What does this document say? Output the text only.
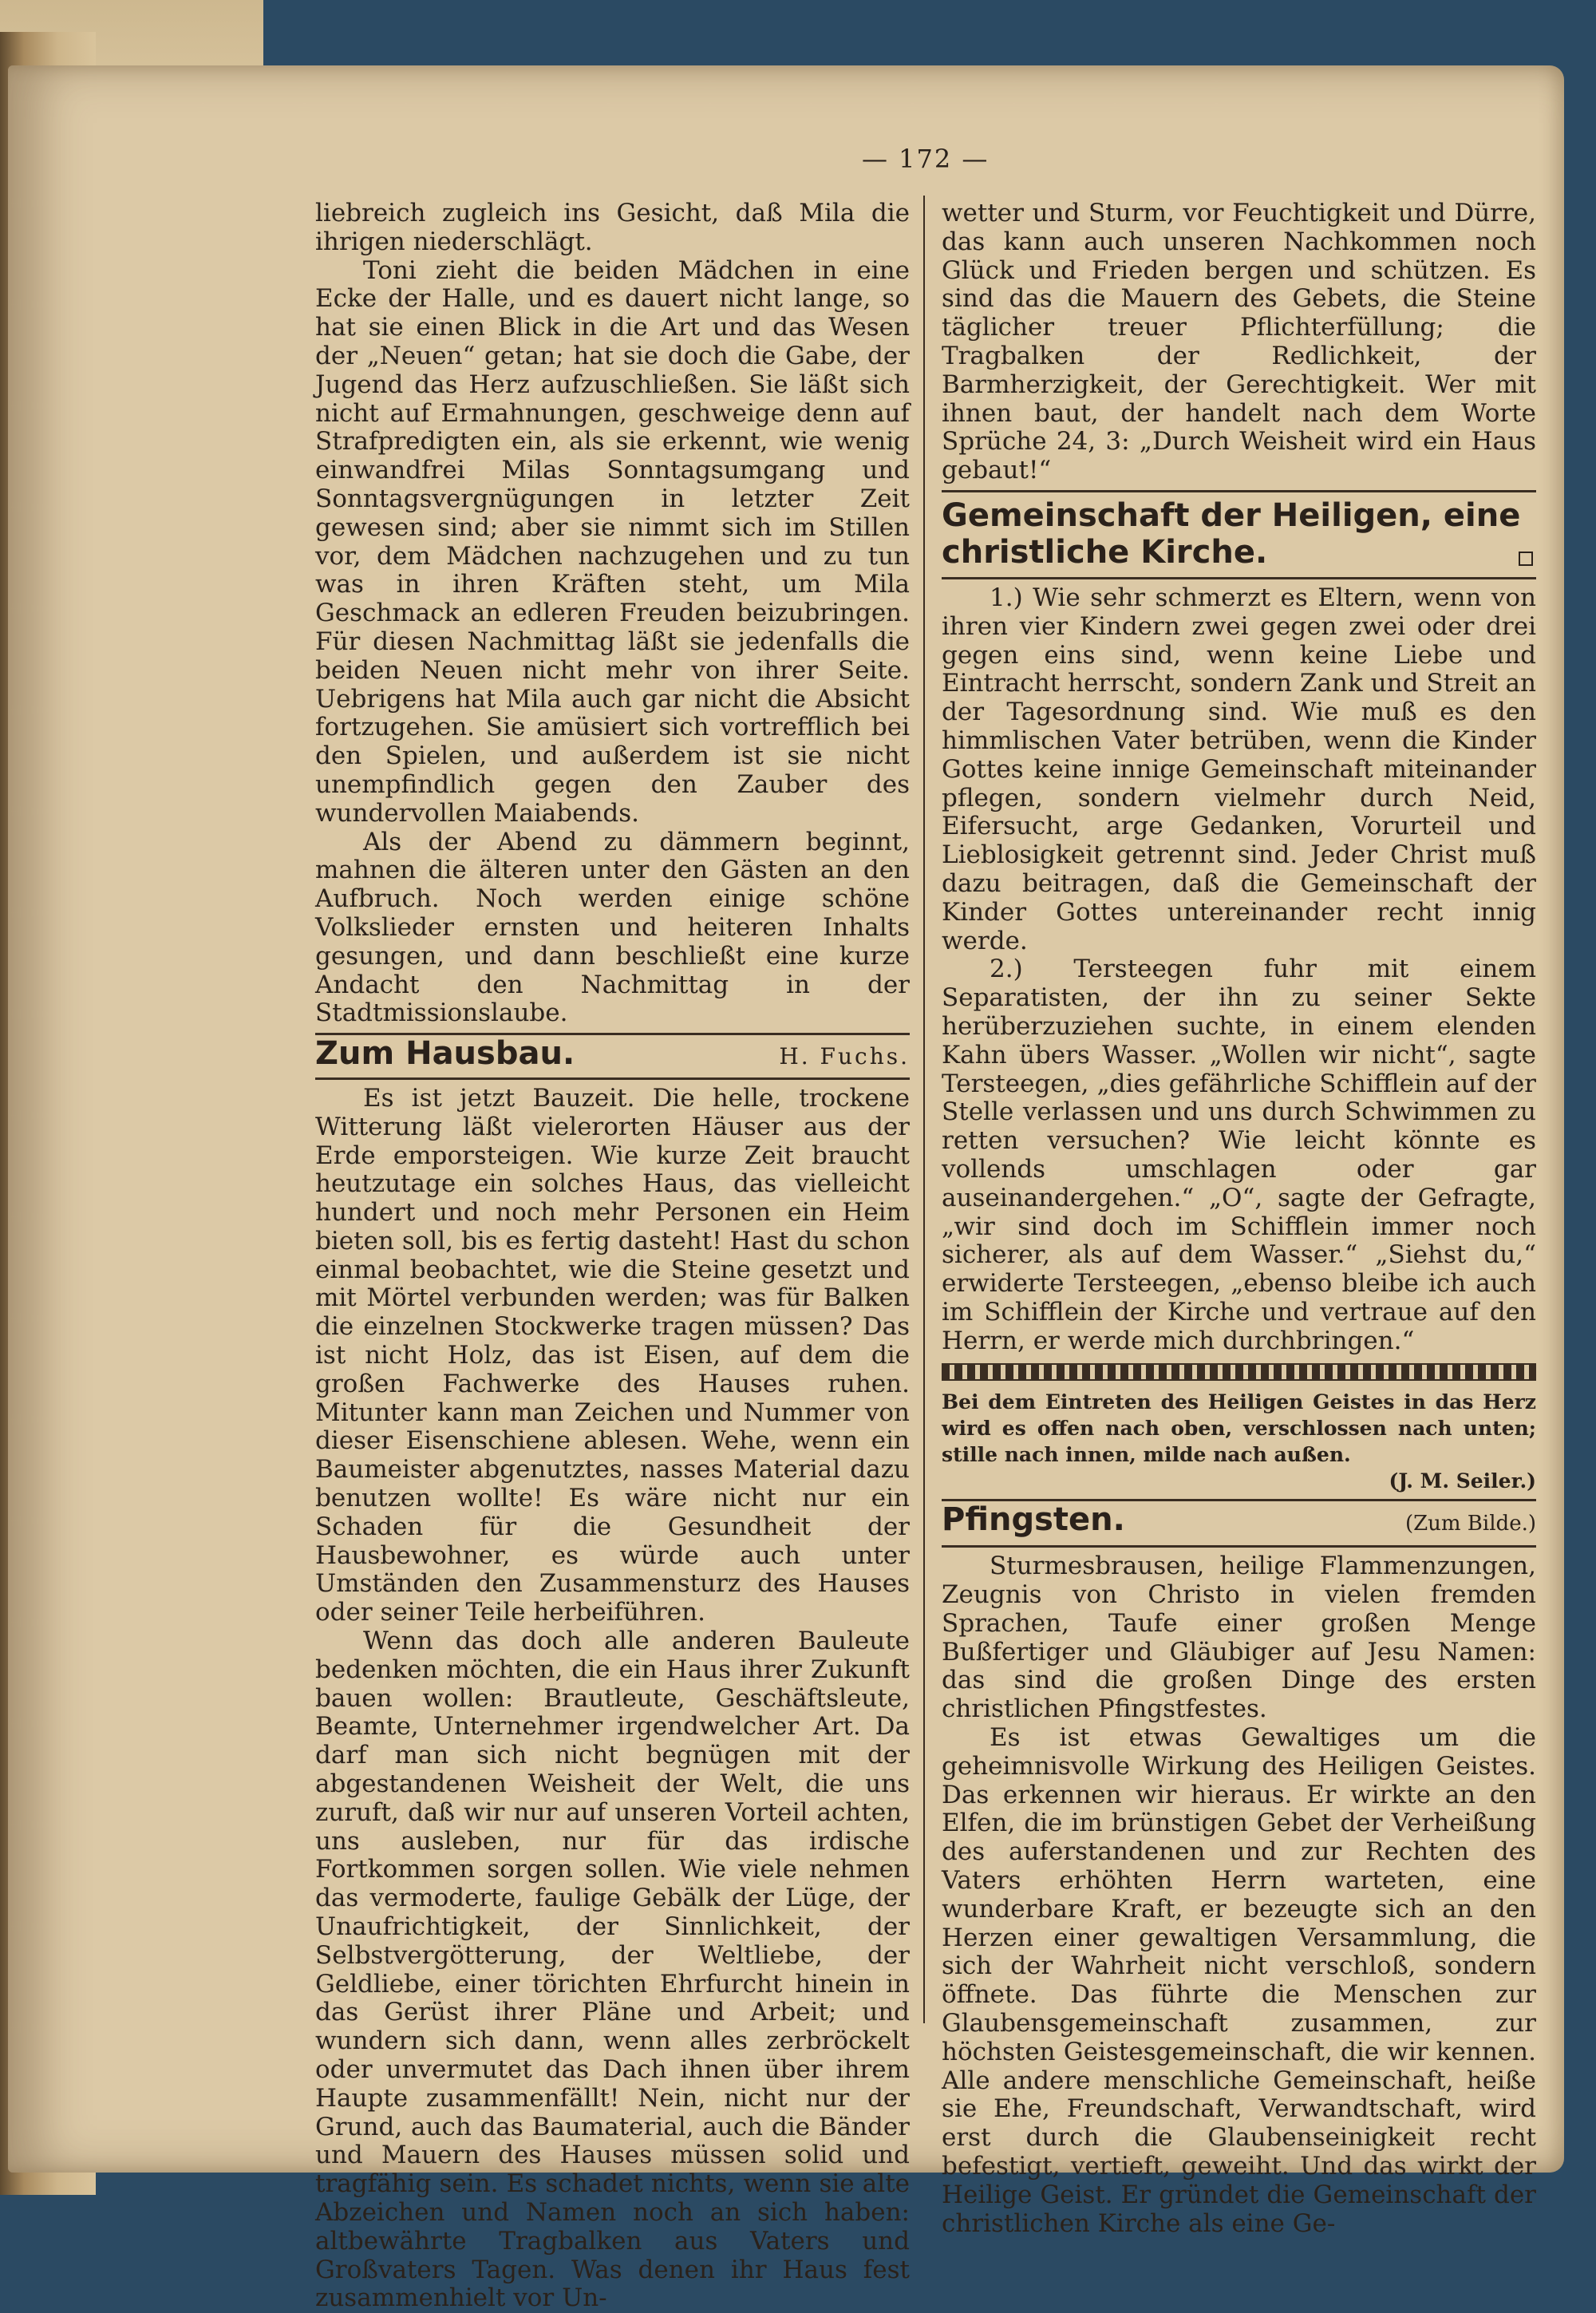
— 172 —

liebreich zugleich ins Gesicht, daß Mila die ihrigen niederschlägt.

Toni zieht die beiden Mädchen in eine Ecke der Halle, und es dauert nicht lange, so hat sie einen Blick in die Art und das Wesen der „Neuen“ getan; hat sie doch die Gabe, der Jugend das Herz aufzuschließen. Sie läßt sich nicht auf Ermahnungen, geschweige denn auf Strafpredigten ein, als sie erkennt, wie wenig einwandfrei Milas Sonntagsumgang und Sonntagsvergnügungen in letzter Zeit gewesen sind; aber sie nimmt sich im Stillen vor, dem Mädchen nachzugehen und zu tun was in ihren Kräften steht, um Mila Geschmack an edleren Freuden beizubringen. Für diesen Nachmittag läßt sie jedenfalls die beiden Neuen nicht mehr von ihrer Seite. Uebrigens hat Mila auch gar nicht die Absicht fortzugehen. Sie amüsiert sich vortrefflich bei den Spielen, und außerdem ist sie nicht unempfindlich gegen den Zauber des wundervollen Maiabends.

Als der Abend zu dämmern beginnt, mahnen die älteren unter den Gästen an den Aufbruch. Noch werden einige schöne Volkslieder ernsten und heiteren Inhalts gesungen, und dann beschließt eine kurze Andacht den Nachmittag in der Stadtmissionslaube.

Zum Hausbau.	H. Fuchs.

Es ist jetzt Bauzeit. Die helle, trockene Witterung läßt vielerorten Häuser aus der Erde emporsteigen. Wie kurze Zeit braucht heutzutage ein solches Haus, das vielleicht hundert und noch mehr Personen ein Heim bieten soll, bis es fertig dasteht! Hast du schon einmal beobachtet, wie die Steine gesetzt und mit Mörtel verbunden werden; was für Balken die einzelnen Stockwerke tragen müssen? Das ist nicht Holz, das ist Eisen, auf dem die großen Fachwerke des Hauses ruhen. Mitunter kann man Zeichen und Nummer von dieser Eisenschiene ablesen. Wehe, wenn ein Baumeister abgenutztes, nasses Material dazu benutzen wollte! Es wäre nicht nur ein Schaden für die Gesundheit der Hausbewohner, es würde auch unter Umständen den Zusammensturz des Hauses oder seiner Teile herbeiführen.

Wenn das doch alle anderen Bauleute bedenken möchten, die ein Haus ihrer Zukunft bauen wollen: Brautleute, Geschäftsleute, Beamte, Unternehmer irgendwelcher Art. Da darf man sich nicht begnügen mit der abgestandenen Weisheit der Welt, die uns zuruft, daß wir nur auf unseren Vorteil achten, uns ausleben, nur für das irdische Fortkommen sorgen sollen. Wie viele nehmen das vermoderte, faulige Gebälk der Lüge, der Unaufrichtigkeit, der Sinnlichkeit, der Selbstvergötterung, der Weltliebe, der Geldliebe, einer törichten Ehrfurcht hinein in das Gerüst ihrer Pläne und Arbeit; und wundern sich dann, wenn alles zerbröckelt oder unvermutet das Dach ihnen über ihrem Haupte zusammenfällt! Nein, nicht nur der Grund, auch das Baumaterial, auch die Bänder und Mauern des Hauses müssen solid und tragfähig sein. Es schadet nichts, wenn sie alte Abzeichen und Namen noch an sich haben: altbewährte Tragbalken aus Vaters und Großvaters Tagen. Was denen ihr Haus fest zusammenhielt vor Un-

wetter und Sturm, vor Feuchtigkeit und Dürre, das kann auch unseren Nachkommen noch Glück und Frieden bergen und schützen. Es sind das die Mauern des Gebets, die Steine täglicher treuer Pflichterfüllung; die Tragbalken der Redlichkeit, der Barmherzigkeit, der Gerechtigkeit. Wer mit ihnen baut, der handelt nach dem Worte Sprüche 24, 3: „Durch Weisheit wird ein Haus gebaut!“

Gemeinschaft der Heiligen, eine christliche Kirche.

1.) Wie sehr schmerzt es Eltern, wenn von ihren vier Kindern zwei gegen zwei oder drei gegen eins sind, wenn keine Liebe und Eintracht herrscht, sondern Zank und Streit an der Tagesordnung sind. Wie muß es den himmlischen Vater betrüben, wenn die Kinder Gottes keine innige Gemeinschaft miteinander pflegen, sondern vielmehr durch Neid, Eifersucht, arge Gedanken, Vorurteil und Lieblosigkeit getrennt sind. Jeder Christ muß dazu beitragen, daß die Gemeinschaft der Kinder Gottes untereinander recht innig werde.

2.) Tersteegen fuhr mit einem Separatisten, der ihn zu seiner Sekte herüberzuziehen suchte, in einem elenden Kahn übers Wasser. „Wollen wir nicht“, sagte Tersteegen, „dies gefährliche Schifflein auf der Stelle verlassen und uns durch Schwimmen zu retten versuchen? Wie leicht könnte es vollends umschlagen oder gar auseinandergehen.“ „O“, sagte der Gefragte, „wir sind doch im Schifflein immer noch sicherer, als auf dem Wasser.“ „Siehst du,“ erwiderte Tersteegen, „ebenso bleibe ich auch im Schifflein der Kirche und vertraue auf den Herrn, er werde mich durchbringen.“

Bei dem Eintreten des Heiligen Geistes in das Herz wird es offen nach oben, verschlossen nach unten; stille nach innen, milde nach außen.
(J. M. Seiler.)
Pfingsten.	(Zum Bilde.)

Sturmesbrausen, heilige Flammenzungen, Zeugnis von Christo in vielen fremden Sprachen, Taufe einer großen Menge Bußfertiger und Gläubiger auf Jesu Namen: das sind die großen Dinge des ersten christlichen Pfingstfestes.

Es ist etwas Gewaltiges um die geheimnisvolle Wirkung des Heiligen Geistes. Das erkennen wir hieraus. Er wirkte an den Elfen, die im brünstigen Gebet der Verheißung des auferstandenen und zur Rechten des Vaters erhöhten Herrn warteten, eine wunderbare Kraft, er bezeugte sich an den Herzen einer gewaltigen Versammlung, die sich der Wahrheit nicht verschloß, sondern öffnete. Das führte die Menschen zur Glaubensgemeinschaft zusammen, zur höchsten Geistesgemeinschaft, die wir kennen. Alle andere menschliche Gemeinschaft, heiße sie Ehe, Freundschaft, Verwandtschaft, wird erst durch die Glaubenseinigkeit recht befestigt, vertieft, geweiht. Und das wirkt der Heilige Geist. Er gründet die Gemeinschaft der christlichen Kirche als eine Ge-
